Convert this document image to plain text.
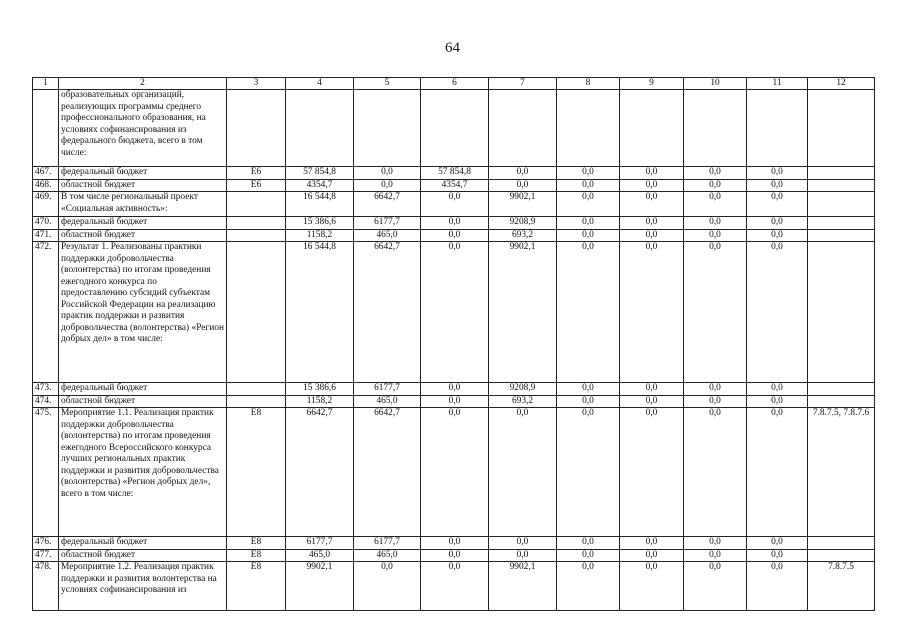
64
1	2	3	4	5	6	7	8	9	10	11	12
	образовательных организаций, реализующих программы среднего профессионального образования, на условиях софинансирования из федерального бюджета, всего в том числе:										
467.	федеральный бюджет	Е6	57 854,8	0,0	57 854,8	0,0	0,0	0,0	0,0	0,0	
468.	областной бюджет	Е6	4354,7	0,0	4354,7	0,0	0,0	0,0	0,0	0,0	
469.	В том числе региональный проект «Социальная активность»:		16 544,8	6642,7	0,0	9902,1	0,0	0,0	0,0	0,0	
470.	федеральный бюджет		15 386,6	6177,7	0,0	9208,9	0,0	0,0	0,0	0,0	
471.	областной бюджет		1158,2	465,0	0,0	693,2	0,0	0,0	0,0	0,0	
472.	Результат 1. Реализованы практики поддержки добровольчества (волонтерства) по итогам проведения ежегодного конкурса по предоставлению субсидий субъектам Российской Федерации на реализацию практик поддержки и развития добровольчества (волонтерства) «Регион добрых дел» в том числе:		16 544,8	6642,7	0,0	9902,1	0,0	0,0	0,0	0,0	
473.	федеральный бюджет		15 386,6	6177,7	0,0	9208,9	0,0	0,0	0,0	0,0	
474.	областной бюджет		1158,2	465,0	0,0	693,2	0,0	0,0	0,0	0,0	
475.	Мероприятие 1.1. Реализация практик поддержки добровольчества (волонтерства) по итогам проведения ежегодного Всероссийского конкурса лучших региональных практик поддержки и развития добровольчества (волонтерства) «Регион добрых дел», всего в том числе:	Е8	6642,7	6642,7	0,0	0,0	0,0	0,0	0,0	0,0	7.8.7.5, 7.8.7.6
476.	федеральный бюджет	Е8	6177,7	6177,7	0,0	0,0	0,0	0,0	0,0	0,0	
477.	областной бюджет	Е8	465,0	465,0	0,0	0,0	0,0	0,0	0,0	0,0	
478.	Мероприятие 1.2. Реализация практик поддержки и развития волонтерства на условиях софинансирования из	Е8	9902,1	0,0	0,0	9902,1	0,0	0,0	0,0	0,0	7.8.7.5
